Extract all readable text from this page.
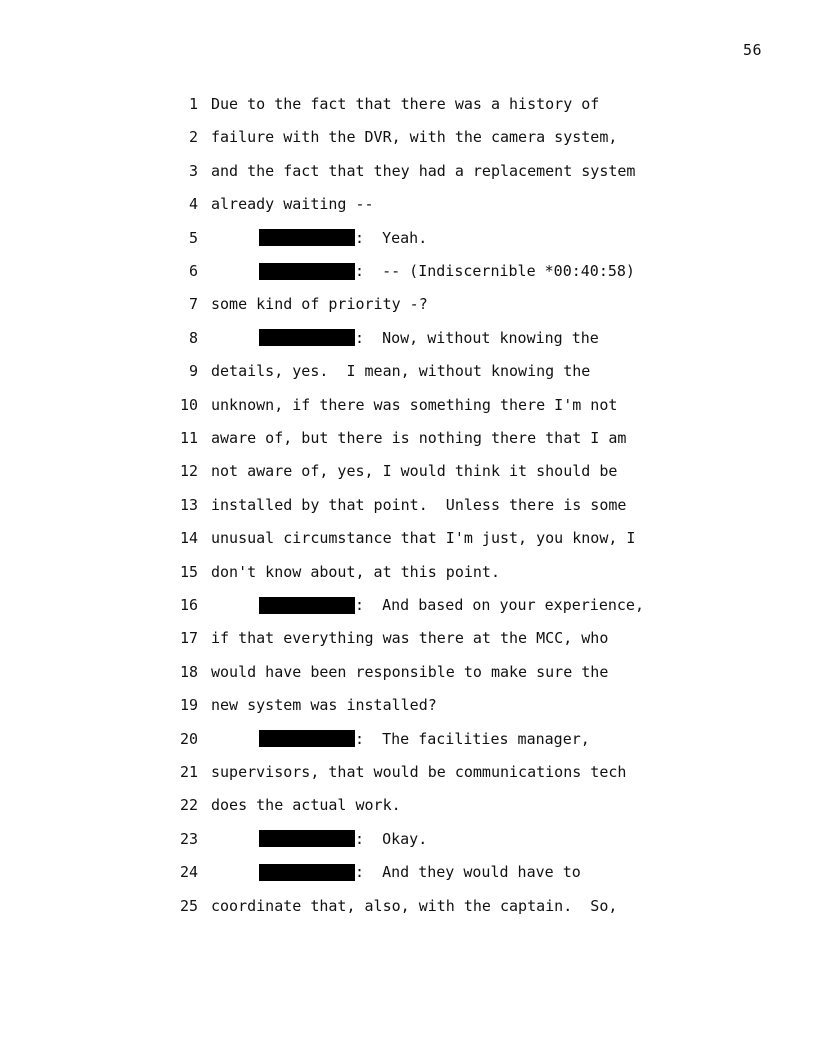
56
1 Due to the fact that there was a history of
2 failure with the DVR, with the camera system,
3 and the fact that they had a replacement system
4 already waiting --
5	:  Yeah.
6	:  -- (Indiscernible *00:40:58)
7 some kind of priority -?
8	:  Now, without knowing the
9 details, yes.  I mean, without knowing the
10 unknown, if there was something there I'm not
11 aware of, but there is nothing there that I am
12 not aware of, yes, I would think it should be
13 installed by that point.  Unless there is some
14 unusual circumstance that I'm just, you know, I
15 don't know about, at this point.
16	:  And based on your experience,
17 if that everything was there at the MCC, who
18 would have been responsible to make sure the
19 new system was installed?
20	:  The facilities manager,
21 supervisors, that would be communications tech
22 does the actual work.
23	:  Okay.
24	:  And they would have to
25 coordinate that, also, with the captain.  So,
